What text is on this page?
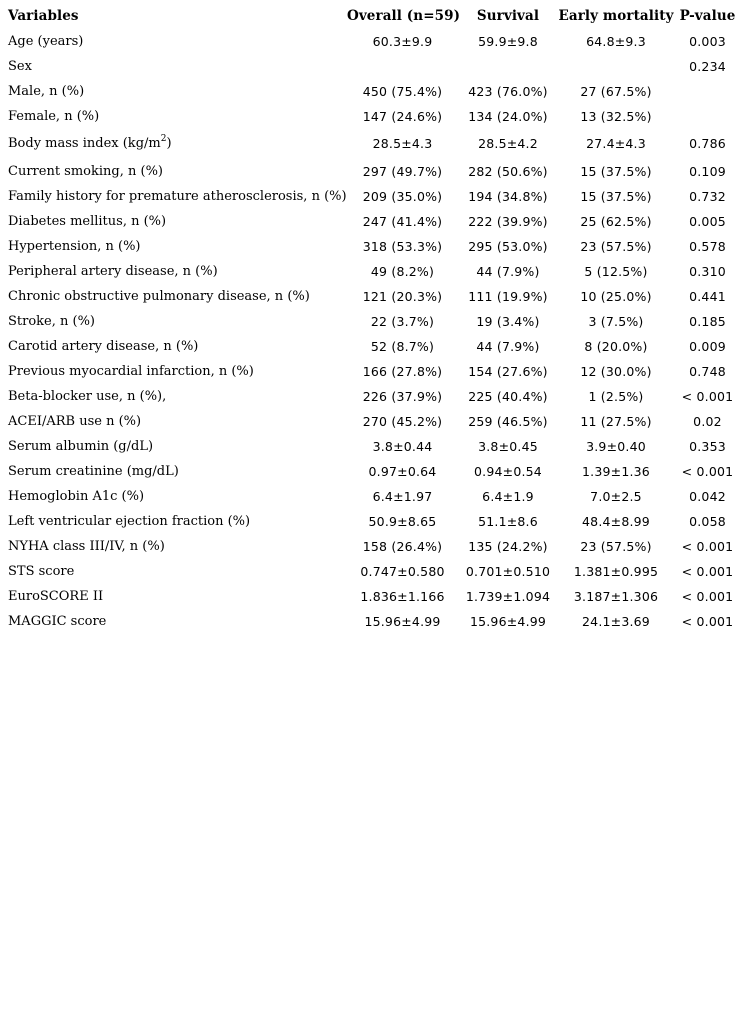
Variables	Overall (n=59)	Survival	Early mortality	P-value
Age (years)	60.3±9.9	59.9±9.8	64.8±9.3	0.003
Sex				0.234
Male, n (%)	450 (75.4%)	423 (76.0%)	27 (67.5%)	
Female, n (%)	147 (24.6%)	134 (24.0%)	13 (32.5%)	
Body mass index $(kg/m^2)$	28.5±4.3	28.5±4.2	27.4±4.3	0.786
Current smoking, n (%)	297 (49.7%)	282 (50.6%)	15 (37.5%)	0.109
Family history for premature atherosclerosis, n (%)	209 (35.0%)	194 (34.8%)	15 (37.5%)	0.732
Diabetes mellitus, n (%)	247 (41.4%)	222 (39.9%)	25 (62.5%)	0.005
Hypertension, n (%)	318 (53.3%)	295 (53.0%)	23 (57.5%)	0.578
Peripheral artery disease, n (%)	49 (8.2%)	44 (7.9%)	5 (12.5%)	0.310
Chronic obstructive pulmonary disease, n (%)	121 (20.3%)	111 (19.9%)	10 (25.0%)	0.441
Stroke, n (%)	22 (3.7%)	19 (3.4%)	3 (7.5%)	0.185
Carotid artery disease, n (%)	52 (8.7%)	44 (7.9%)	8 (20.0%)	0.009
Previous myocardial infarction, n (%)	166 (27.8%)	154 (27.6%)	12 (30.0%)	0.748
Beta-blocker use, n (%),	226 (37.9%)	225 (40.4%)	1 (2.5%)	< 0.001
ACEI/ARB use n (%)	270 (45.2%)	259 (46.5%)	11 (27.5%)	0.02
Serum albumin (g/dL)	3.8±0.44	3.8±0.45	3.9±0.40	0.353
Serum creatinine (mg/dL)	0.97±0.64	0.94±0.54	1.39±1.36	< 0.001
Hemoglobin A1c (%)	6.4±1.97	6.4±1.9	7.0±2.5	0.042
Left ventricular ejection fraction (%)	50.9±8.65	51.1±8.6	48.4±8.99	0.058
NYHA class III/IV, n (%)	158 (26.4%)	135 (24.2%)	23 (57.5%)	< 0.001
STS score	0.747±0.580	0.701±0.510	1.381±0.995	< 0.001
EuroSCORE II	1.836±1.166	1.739±1.094	3.187±1.306	< 0.001
MAGGIC score	15.96±4.99	15.96±4.99	24.1±3.69	< 0.001
